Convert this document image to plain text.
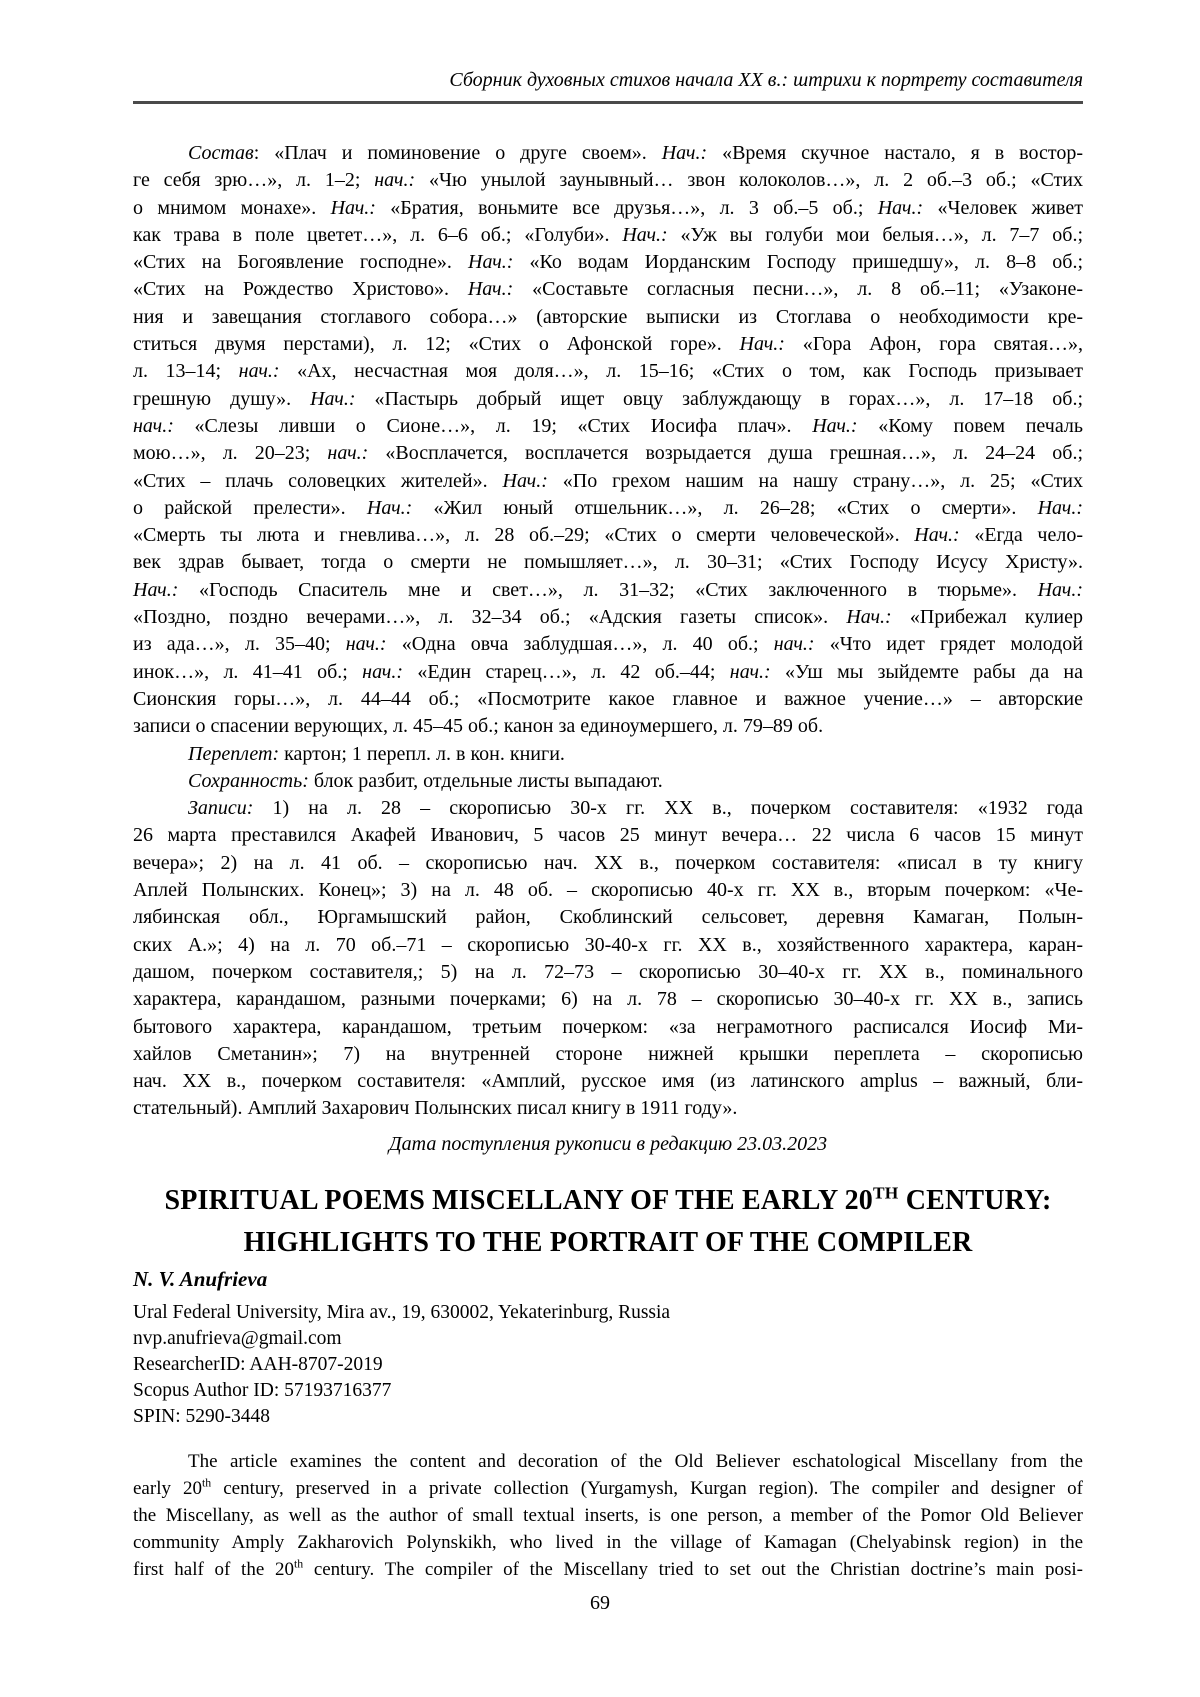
Сборник духовных стихов начала XX в.: штрихи к портрету составителя
Состав: «Плач и поминовение о друге своем». Нач.: «Время скучное настало, я в востор-
ге себя зрю…», л. 1–2; нач.: «Чю унылой заунывный… звон колоколов…», л. 2 об.–3 об.; «Стих
о мнимом монахе». Нач.: «Братия, воньмите все друзья…», л. 3 об.–5 об.; Нач.: «Человек живет
как трава в поле цветет…», л. 6–6 об.; «Голуби». Нач.: «Уж вы голуби мои белыя…», л. 7–7 об.;
«Стих на Богоявление господне». Нач.: «Ко водам Иорданским Господу пришедшу», л. 8–8 об.;
«Стих на Рождество Христово». Нач.: «Составьте согласныя песни…», л. 8 об.–11; «Узаконе-
ния и завещания стоглавого собора…» (авторские выписки из Стоглава о необходимости кре-
ститься двумя перстами), л. 12; «Стих о Афонской горе». Нач.: «Гора Афон, гора святая…»,
л. 13–14; нач.: «Ах, несчастная моя доля…», л. 15–16; «Стих о том, как Господь призывает
грешную душу». Нач.: «Пастырь добрый ищет овцу заблуждающу в горах…», л. 17–18 об.;
нач.: «Слезы ливши о Сионе…», л. 19; «Стих Иосифа плач». Нач.: «Кому повем печаль
мою…», л. 20–23; нач.: «Восплачется, восплачется возрыдается душа грешная…», л. 24–24 об.;
«Стих – плачь соловецких жителей». Нач.: «По грехом нашим на нашу страну…», л. 25; «Стих
о райской прелести». Нач.: «Жил юный отшельник…», л. 26–28; «Стих о смерти». Нач.:
«Смерть ты люта и гневлива…», л. 28 об.–29; «Стих о смерти человеческой». Нач.: «Егда чело-
век здрав бывает, тогда о смерти не помышляет…», л. 30–31; «Стих Господу Исусу Христу».
Нач.: «Господь Спаситель мне и свет…», л. 31–32; «Стих заключенного в тюрьме». Нач.:
«Поздно, поздно вечерами…», л. 32–34 об.; «Адския газеты список». Нач.: «Прибежал кулиер
из ада…», л. 35–40; нач.: «Одна овча заблудшая…», л. 40 об.; нач.: «Что идет грядет молодой
инок…», л. 41–41 об.; нач.: «Един старец…», л. 42 об.–44; нач.: «Уш мы зыйдемте рабы да на
Сионския горы…», л. 44–44 об.; «Посмотрите какое главное и важное учение…» – авторские
записи о спасении верующих, л. 45–45 об.; канон за единоумершего, л. 79–89 об.
Переплет: картон; 1 перепл. л. в кон. книги.
Сохранность: блок разбит, отдельные листы выпадают.
Записи: 1) на л. 28 – скорописью 30-х гг. XX в., почерком составителя: «1932 года
26 марта преставился Акафей Иванович, 5 часов 25 минут вечера… 22 числа 6 часов 15 минут
вечера»; 2) на л. 41 об. – скорописью нач. XX в., почерком составителя: «писал в ту книгу
Аплей Полынских. Конец»; 3) на л. 48 об. – скорописью 40-х гг. XX в., вторым почерком: «Че-
лябинская обл., Юргамышский район, Скоблинский сельсовет, деревня Камаган, Полын-
ских А.»; 4) на л. 70 об.–71 – скорописью 30-40-х гг. XX в., хозяйственного характера, каран-
дашом, почерком составителя,; 5) на л. 72–73 – скорописью 30–40-х гг. XX в., поминального
характера, карандашом, разными почерками; 6) на л. 78 – скорописью 30–40-х гг. XX в., запись
бытового характера, карандашом, третьим почерком: «за неграмотного расписался Иосиф Ми-
хайлов Сметанин»; 7) на внутренней стороне нижней крышки переплета – скорописью
нач. XX в., почерком составителя: «Амплий, русское имя (из латинского amplus – важный, бли-
стательный). Амплий Захарович Полынских писал книгу в 1911 году».
Дата поступления рукописи в редакцию 23.03.2023
SPIRITUAL POEMS MISCELLANY OF THE EARLY 20TH CENTURY:
HIGHLIGHTS TO THE PORTRAIT OF THE COMPILER
N. V. Anufrieva
Ural Federal University, Mira av., 19, 630002, Yekaterinburg, Russia
nvp.anufrieva@gmail.com
ResearcherID: AAH-8707-2019
Scopus Author ID: 57193716377
SPIN: 5290-3448
The article examines the content and decoration of the Old Believer eschatological Miscellany from the
early 20th century, preserved in a private collection (Yurgamysh, Kurgan region). The compiler and designer of
the Miscellany, as well as the author of small textual inserts, is one person, a member of the Pomor Old Believer
community Amply Zakharovich Polynskikh, who lived in the village of Kamagan (Chelyabinsk region) in the
first half of the 20th century. The compiler of the Miscellany tried to set out the Christian doctrine’s main posi-
69
